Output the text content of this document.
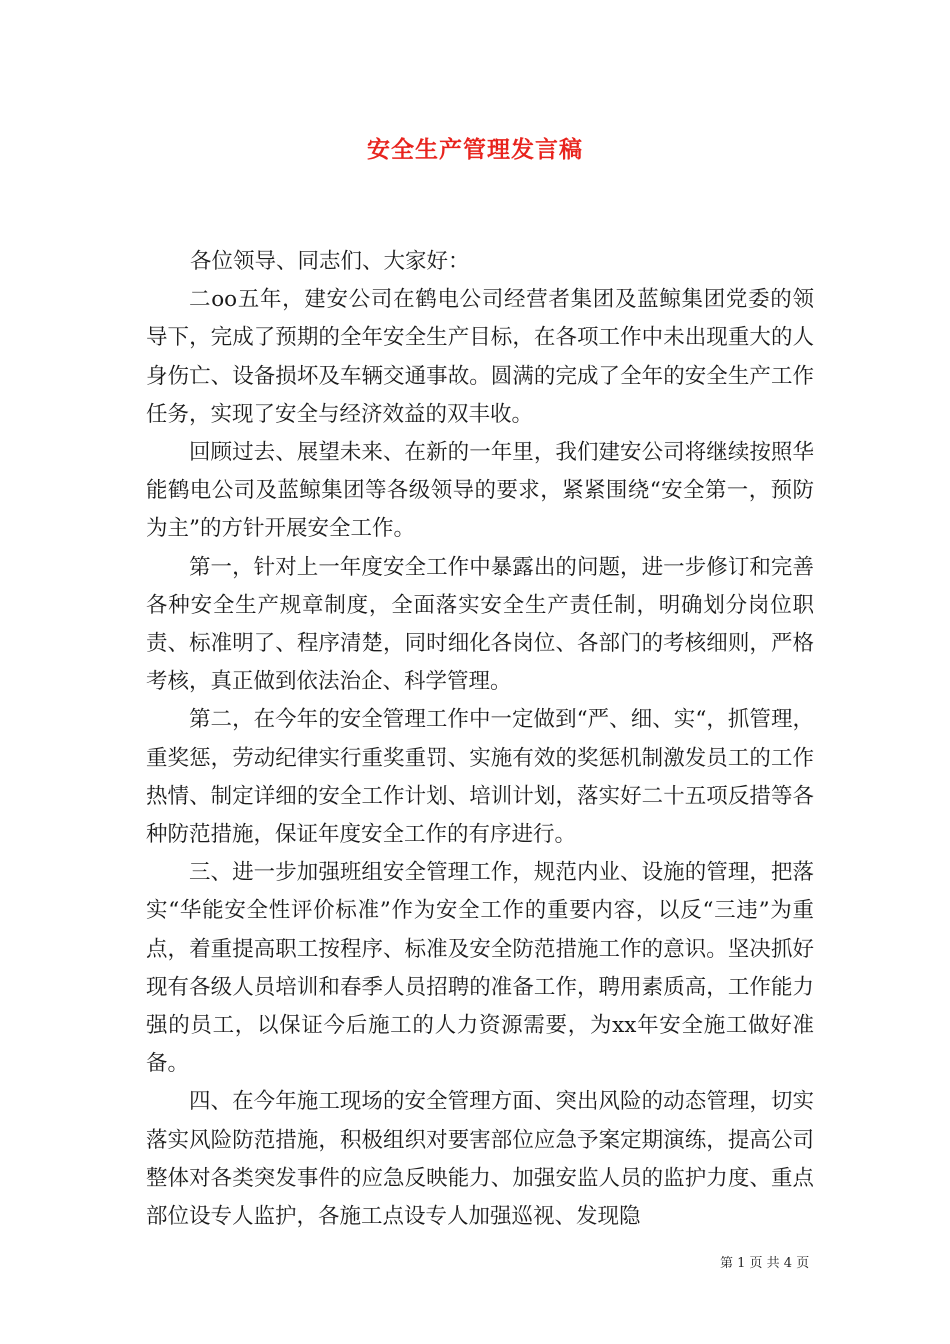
安全生产管理发言稿

各位领导、同志们、大家好：

二oo五年，建安公司在鹤电公司经营者集团及蓝鲸集团党委的领导下，完成了预期的全年安全生产目标，在各项工作中未出现重大的人身伤亡、设备损坏及车辆交通事故。圆满的完成了全年的安全生产工作任务，实现了安全与经济效益的双丰收。

回顾过去、展望未来、在新的一年里，我们建安公司将继续按照华能鹤电公司及蓝鲸集团等各级领导的要求，紧紧围绕“安全第一，预防为主”的方针开展安全工作。

第一，针对上一年度安全工作中暴露出的问题，进一步修订和完善各种安全生产规章制度，全面落实安全生产责任制，明确划分岗位职责、标准明了、程序清楚，同时细化各岗位、各部门的考核细则，严格考核，真正做到依法治企、科学管理。

第二，在今年的安全管理工作中一定做到“严、细、实“，抓管理，重奖惩，劳动纪律实行重奖重罚、实施有效的奖惩机制激发员工的工作热情、制定详细的安全工作计划、培训计划，落实好二十五项反措等各种防范措施，保证年度安全工作的有序进行。

三、进一步加强班组安全管理工作，规范内业、设施的管理，把落实“华能安全性评价标准”作为安全工作的重要内容，以反“三违”为重点，着重提高职工按程序、标准及安全防范措施工作的意识。坚决抓好现有各级人员培训和春季人员招聘的准备工作，聘用素质高，工作能力强的员工，以保证今后施工的人力资源需要，为xx年安全施工做好准备。

四、在今年施工现场的安全管理方面、突出风险的动态管理，切实落实风险防范措施，积极组织对要害部位应急予案定期演练，提高公司整体对各类突发事件的应急反映能力、加强安监人员的监护力度、重点部位设专人监护，各施工点设专人加强巡视、发现隐

第 1 页 共 4 页
